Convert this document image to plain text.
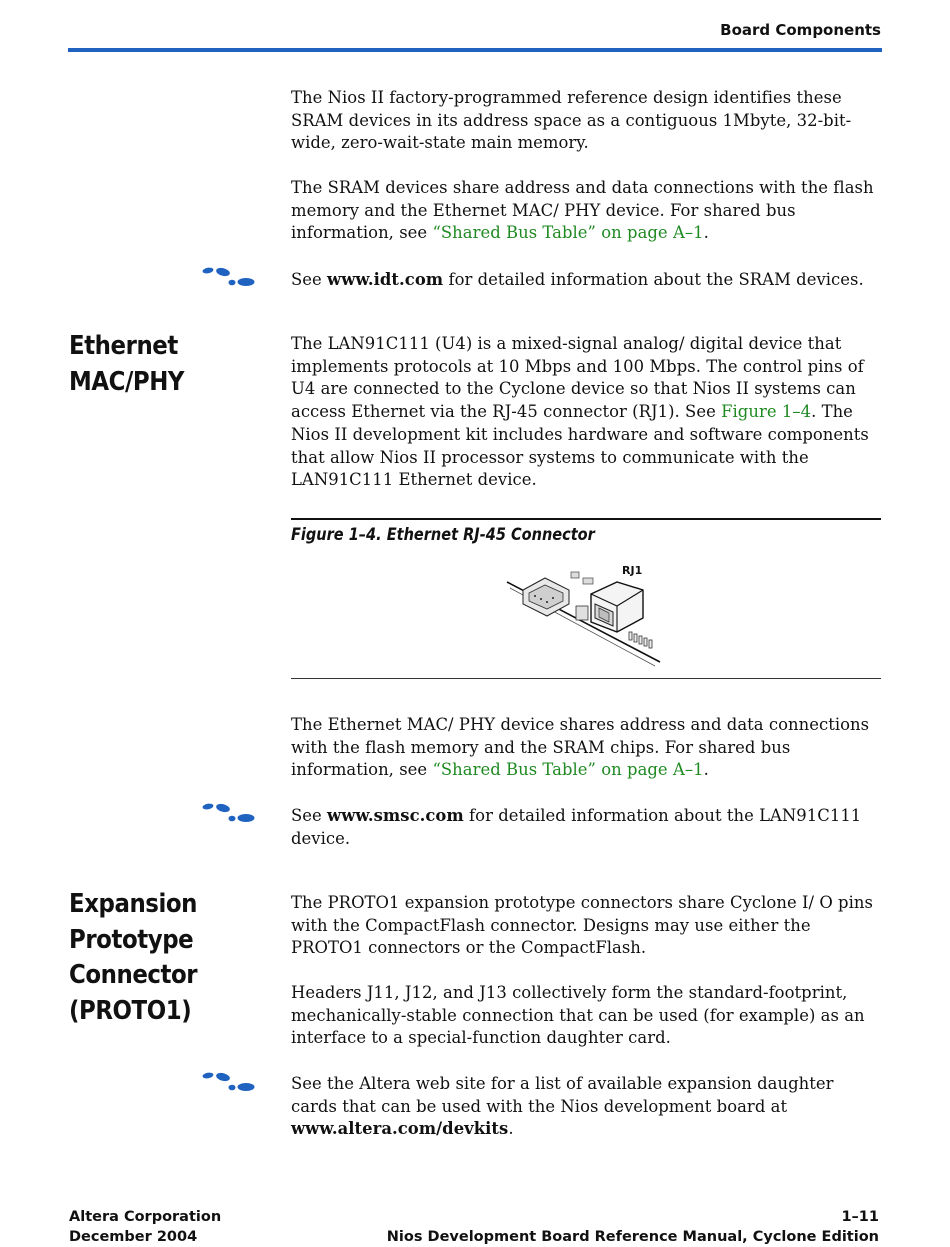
Board Components

The Nios II factory-programmed reference design identifies these SRAM devices in its address space as a contiguous 1Mbyte, 32-bit-wide, zero-wait-state main memory.

The SRAM devices share address and data connections with the flash memory and the Ethernet MAC/ PHY device. For shared bus information, see “Shared Bus Table” on page A–1.

See www.idt.com for detailed information about the SRAM devices.

Ethernet
MAC/PHY

The LAN91C111 (U4) is a mixed-signal analog/ digital device that implements protocols at 10 Mbps and 100 Mbps. The control pins of U4 are connected to the Cyclone device so that Nios II systems can access Ethernet via the RJ-45 connector (RJ1). See Figure 1–4. The Nios II development kit includes hardware and software components that allow Nios II processor systems to communicate with the LAN91C111 Ethernet device.

Figure 1–4. Ethernet RJ-45 Connector
RJ1

The Ethernet MAC/ PHY device shares address and data connections with the flash memory and the SRAM chips. For shared bus information, see “Shared Bus Table” on page A–1.

See www.smsc.com for detailed information about the LAN91C111 device.

Expansion
Prototype
Connector
(PROTO1)

The PROTO1 expansion prototype connectors share Cyclone I/ O pins with the CompactFlash connector. Designs may use either the PROTO1 connectors or the CompactFlash.

Headers J11, J12, and J13 collectively form the standard-footprint, mechanically-stable connection that can be used (for example) as an interface to a special-function daughter card.

See the Altera web site for a list of available expansion daughter cards that can be used with the Nios development board at www.altera.com/devkits.

Altera Corporation
December 2004
1–11
Nios Development Board Reference Manual, Cyclone Edition
